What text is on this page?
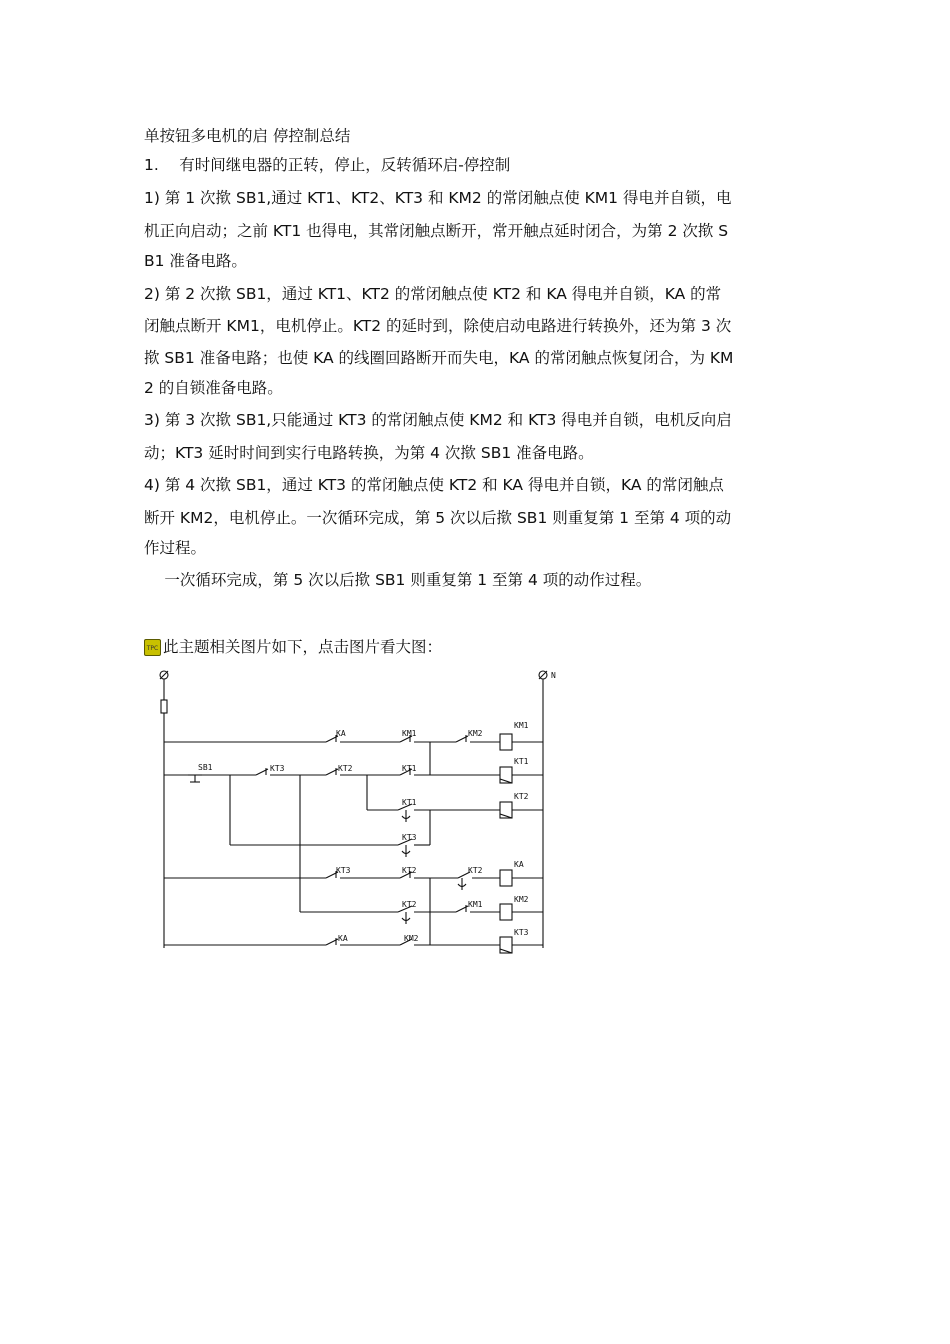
单按钮多电机的启 停控制总结
1.　 有时间继电器的正转，停止，反转循环启-停控制
1) 第 1 次揿 SB1,通过 KT1、KT2、KT3 和 KM2 的常闭触点使 KM1 得电并自锁，电
机正向启动；之前 KT1 也得电，其常闭触点断开，常开触点延时闭合，为第 2 次揿 S
B1 准备电路。
2) 第 2 次揿 SB1，通过 KT1、KT2 的常闭触点使 KT2 和 KA 得电并自锁，KA 的常
闭触点断开 KM1，电机停止。KT2 的延时到，除使启动电路进行转换外，还为第 3 次
揿 SB1 准备电路；也使 KA 的线圈回路断开而失电，KA 的常闭触点恢复闭合，为 KM
2 的自锁准备电路。
3) 第 3 次揿 SB1,只能通过 KT3 的常闭触点使 KM2 和 KT3 得电并自锁，电机反向启
动；KT3 延时时间到实行电路转换，为第 4 次揿 SB1 准备电路。
4) 第 4 次揿 SB1，通过 KT3 的常闭触点使 KT2 和 KA 得电并自锁，KA 的常闭触点
断开 KM2，电机停止。一次循环完成，第 5 次以后揿 SB1 则重复第 1 至第 4 项的动
作过程。
　 一次循环完成，第 5 次以后揿 SB1 则重复第 1 至第 4 项的动作过程。
TPC 此主题相关图片如下，点击图片看大图：
N
KA	KM1	KM2
KM1
SB1	KT3	KT2	KT1
KT1
KT1
KT2
KT3
KT3	KT2	KT2
KA
KT2	KM1
KM2
KA	KM2
KT3
